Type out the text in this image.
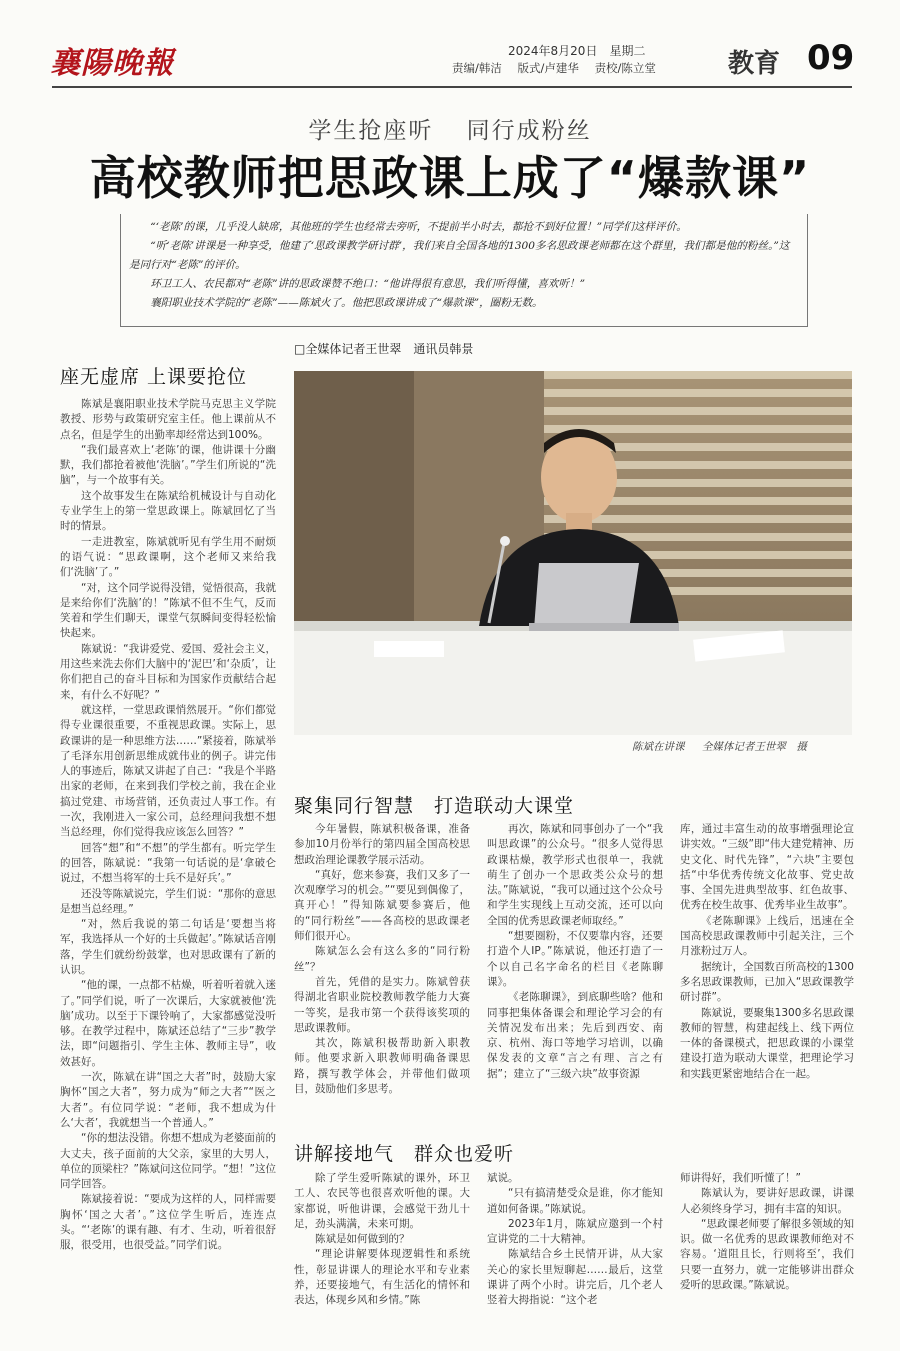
襄陽晚報	2024年8月20日　星期二
责编/韩洁 版式/卢建华 责校/陈立堂	教育 09
学生抢座听 同行成粉丝
高校教师把思政课上成了“爆款课”

“‘老陈’的课，几乎没人缺席，其他班的学生也经常去旁听，不提前半小时去，都抢不到好位置！”同学们这样评价。

“听‘老陈’讲课是一种享受，他建了‘思政课教学研讨群’，我们来自全国各地的1300多名思政课老师都在这个群里，我们都是他的粉丝。”这是同行对“老陈”的评价。

环卫工人、农民都对“老陈”讲的思政课赞不绝口：“他讲得很有意思，我们听得懂，喜欢听！”

襄阳职业技术学院的“老陈”——陈斌火了。他把思政课讲成了“爆款课”，圈粉无数。

□全媒体记者王世翠　通讯员韩景
座无虚席 上课要抢位

陈斌是襄阳职业技术学院马克思主义学院教授、形势与政策研究室主任。他上课前从不点名，但是学生的出勤率却经常达到100%。

“我们最喜欢上‘老陈’的课，他讲课十分幽默，我们都抢着被他‘洗脑’。”学生们所说的“洗脑”，与一个故事有关。

这个故事发生在陈斌给机械设计与自动化专业学生上的第一堂思政课上。陈斌回忆了当时的情景。

一走进教室，陈斌就听见有学生用不耐烦的语气说：“思政课啊，这个老师又来给我们‘洗脑’了。”

“对，这个同学说得没错，觉悟很高，我就是来给你们‘洗脑’的！”陈斌不但不生气，反而笑着和学生们聊天，课堂气氛瞬间变得轻松愉快起来。

陈斌说：“我讲爱党、爱国、爱社会主义，用这些来洗去你们大脑中的‘泥巴’和‘杂质’，让你们把自己的奋斗目标和为国家作贡献结合起来，有什么不好呢？”

就这样，一堂思政课悄然展开。“你们都觉得专业课很重要，不重视思政课。实际上，思政课讲的是一种思维方法……”紧接着，陈斌举了毛泽东用创新思维成就伟业的例子。讲完伟人的事迹后，陈斌又讲起了自己：“我是个半路出家的老师，在来到我们学校之前，我在企业搞过党建、市场营销，还负责过人事工作。有一次，我刚进入一家公司，总经理问我想不想当总经理，你们觉得我应该怎么回答？”

回答“想”和“不想”的学生都有。听完学生的回答，陈斌说：“我第一句话说的是‘拿破仑说过，不想当将军的士兵不是好兵’。”

还没等陈斌说完，学生们说：“那你的意思是想当总经理。”

“对，然后我说的第二句话是‘要想当将军，我选择从一个好的士兵做起’。”陈斌话音刚落，学生们就纷纷鼓掌，也对思政课有了新的认识。

“他的课，一点都不枯燥，听着听着就入迷了。”同学们说，听了一次课后，大家就被他‘洗脑’成功。以至于下课铃响了，大家都感觉没听够。在教学过程中，陈斌还总结了“三步”教学法，即“问题指引、学生主体、教师主导”，收效甚好。

一次，陈斌在讲“国之大者”时，鼓励大家胸怀“国之大者”，努力成为“师之大者”“医之大者”。有位同学说：“老师，我不想成为什么‘大者’，我就想当一个普通人。”

“你的想法没错。你想不想成为老婆面前的大丈夫，孩子面前的大父亲，家里的大男人，单位的顶梁柱？”陈斌问这位同学。“想！”这位同学回答。

陈斌接着说：“要成为这样的人，同样需要胸怀‘国之大者’。”这位学生听后，连连点头。“‘老陈’的课有趣、有才、生动，听着很舒服，很受用，也很受益。”同学们说。

陈斌在讲课 全媒体记者王世翠　摄
聚集同行智慧　打造联动大课堂

今年暑假，陈斌积极备课，准备参加10月份举行的第四届全国高校思想政治理论课教学展示活动。

“真好，您来参赛，我们又多了一次观摩学习的机会。”“要见到偶像了，真开心！”得知陈斌要参赛后，他的“同行粉丝”——各高校的思政课老师们很开心。

陈斌怎么会有这么多的“同行粉丝”？

首先，凭借的是实力。陈斌曾获得湖北省职业院校教师教学能力大赛一等奖，是我市第一个获得该奖项的思政课教师。

其次，陈斌积极帮助新入职教师。他要求新入职教师明确备课思路，撰写教学体会，并带他们做项目，鼓励他们多思考。

再次，陈斌和同事创办了一个“我叫思政课”的公众号。“很多人觉得思政课枯燥，教学形式也很单一，我就萌生了创办一个思政类公众号的想法。”陈斌说，“我可以通过这个公众号和学生实现线上互动交流，还可以向全国的优秀思政课老师取经。”

“想要圈粉，不仅要靠内容，还要打造个人IP。”陈斌说，他还打造了一个以自己名字命名的栏目《老陈聊课》。

《老陈聊课》，到底聊些啥？他和同事把集体备课会和理论学习会的有关情况发布出来；先后到西安、南京、杭州、海口等地学习培训，以确保发表的文章“言之有理、言之有据”；建立了“三级六块”故事资源

库，通过丰富生动的故事增强理论宣讲实效。“三级”即“伟大建党精神、历史文化、时代先锋”，“六块”主要包括“中华优秀传统文化故事、党史故事、全国先进典型故事、红色故事、优秀在校生故事、优秀毕业生故事”。

《老陈聊课》上线后，迅速在全国高校思政课教师中引起关注，三个月涨粉过万人。

据统计，全国数百所高校的1300多名思政课教师，已加入“思政课教学研讨群”。

陈斌说，要聚集1300多名思政课教师的智慧，构建起线上、线下两位一体的备课模式，把思政课的小课堂建设打造为联动大课堂，把理论学习和实践更紧密地结合在一起。

讲解接地气　群众也爱听

除了学生爱听陈斌的课外，环卫工人、农民等也很喜欢听他的课。大家都说，听他讲课，会感觉干劲儿十足，劲头满满，未来可期。

陈斌是如何做到的？

“理论讲解要体现逻辑性和系统性，彰显讲课人的理论水平和专业素养，还要接地气，有生活化的情怀和表达，体现乡风和乡情。”陈

斌说。

“只有搞清楚受众是谁，你才能知道如何备课。”陈斌说。

2023年1月，陈斌应邀到一个村宣讲党的二十大精神。

陈斌结合乡土民情开讲，从大家关心的家长里短聊起……最后，这堂课讲了两个小时。讲完后，几个老人竖着大拇指说：“这个老

师讲得好，我们听懂了！”

陈斌认为，要讲好思政课，讲课人必须终身学习，拥有丰富的知识。

“思政课老师要了解很多领域的知识。做一名优秀的思政课教师绝对不容易。‘道阻且长，行则将至’，我们只要一直努力，就一定能够讲出群众爱听的思政课。”陈斌说。
